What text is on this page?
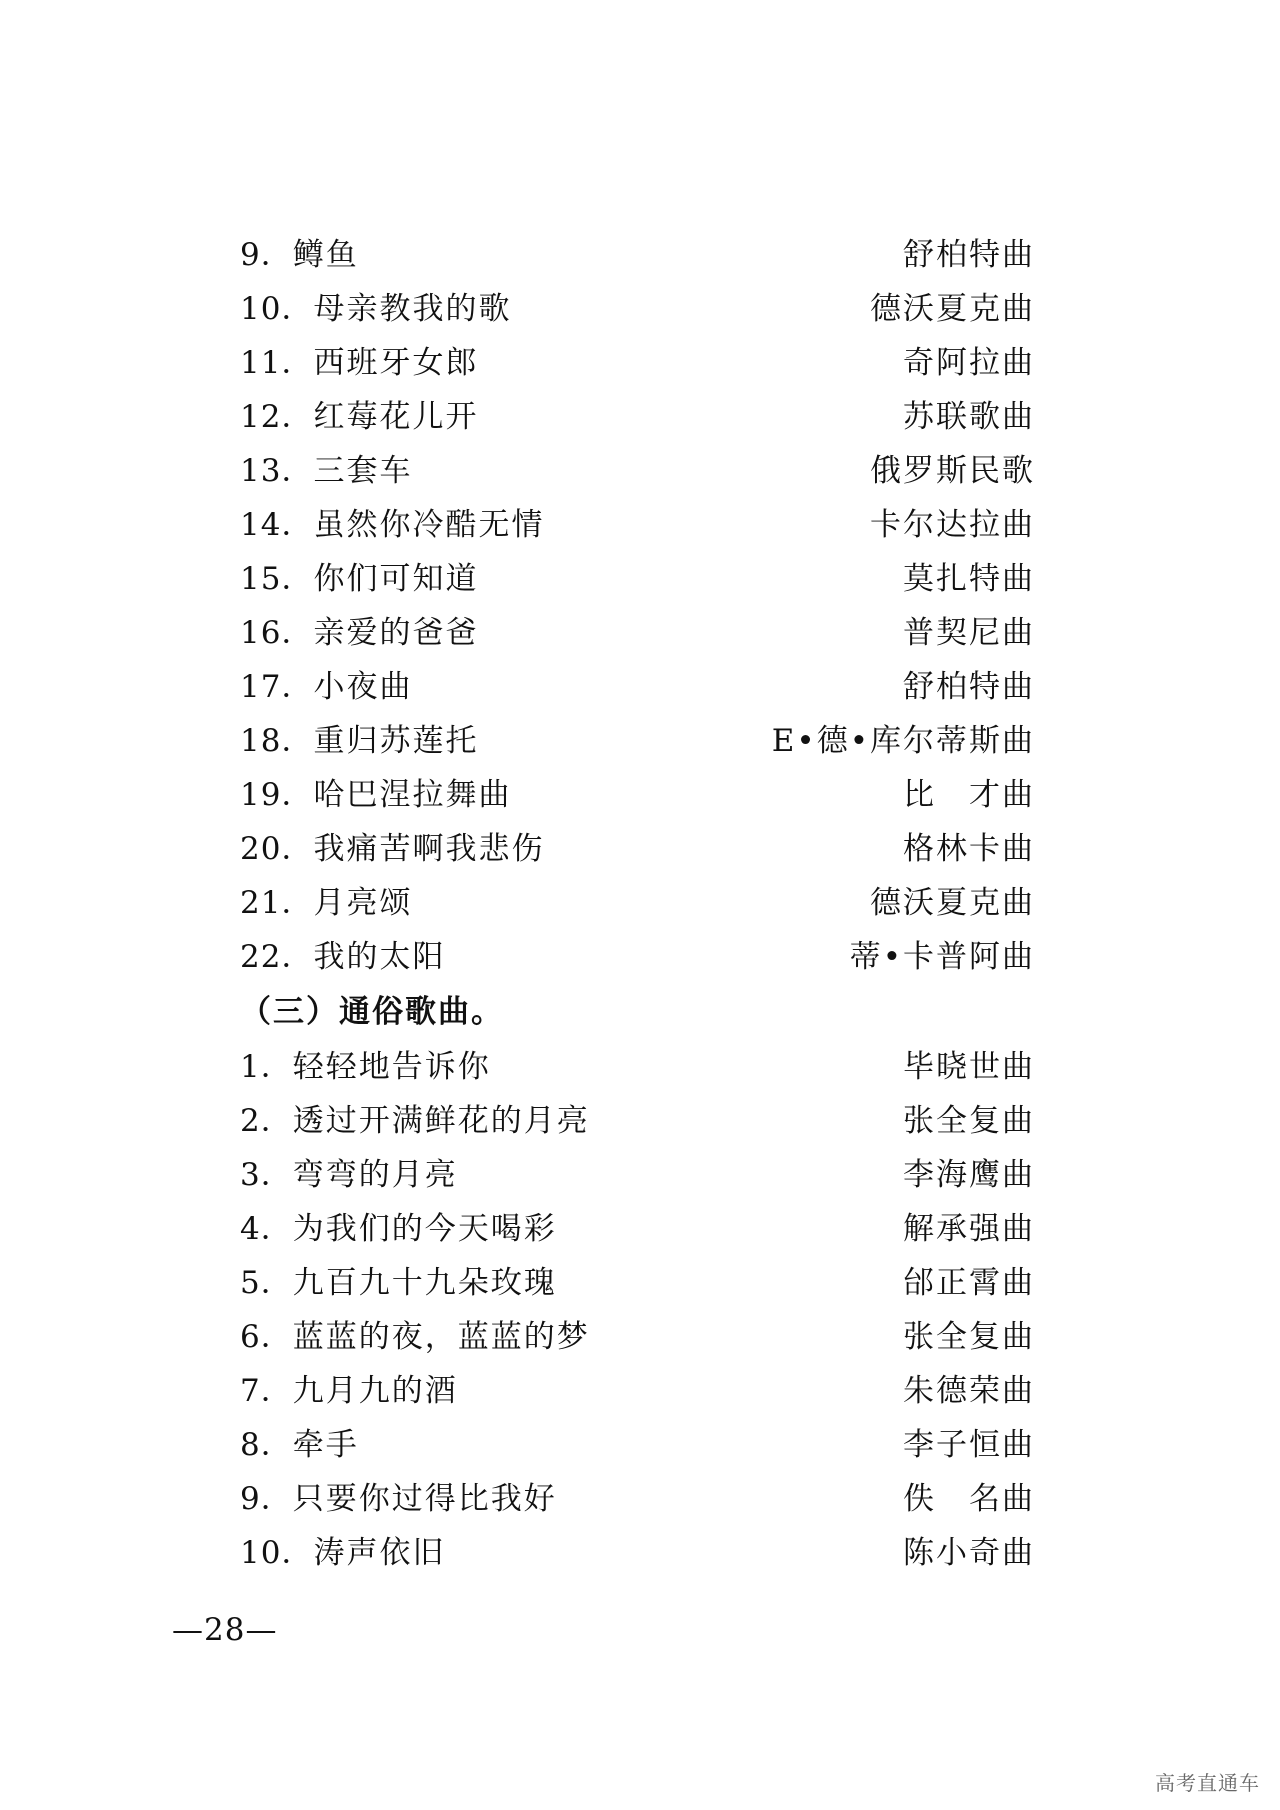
9． 鳟鱼	舒柏特曲
10． 母亲教我的歌	德沃夏克曲
11． 西班牙女郎	奇阿拉曲
12． 红莓花儿开	苏联歌曲
13． 三套车	俄罗斯民歌
14． 虽然你冷酷无情	卡尔达拉曲
15． 你们可知道	莫扎特曲
16． 亲爱的爸爸	普契尼曲
17． 小夜曲	舒柏特曲
18． 重归苏莲托	E•德•库尔蒂斯曲
19． 哈巴涅拉舞曲	比　才曲
20． 我痛苦啊我悲伤	格林卡曲
21． 月亮颂	德沃夏克曲
22． 我的太阳	蒂•卡普阿曲
（三）通俗歌曲。
1． 轻轻地告诉你	毕晓世曲
2． 透过开满鲜花的月亮	张全复曲
3． 弯弯的月亮	李海鹰曲
4． 为我们的今天喝彩	解承强曲
5． 九百九十九朵玫瑰	邰正霄曲
6． 蓝蓝的夜，蓝蓝的梦	张全复曲
7． 九月九的酒	朱德荣曲
8． 牵手	李子恒曲
9． 只要你过得比我好	佚　名曲
10． 涛声依旧	陈小奇曲
—28—
高考直通车
